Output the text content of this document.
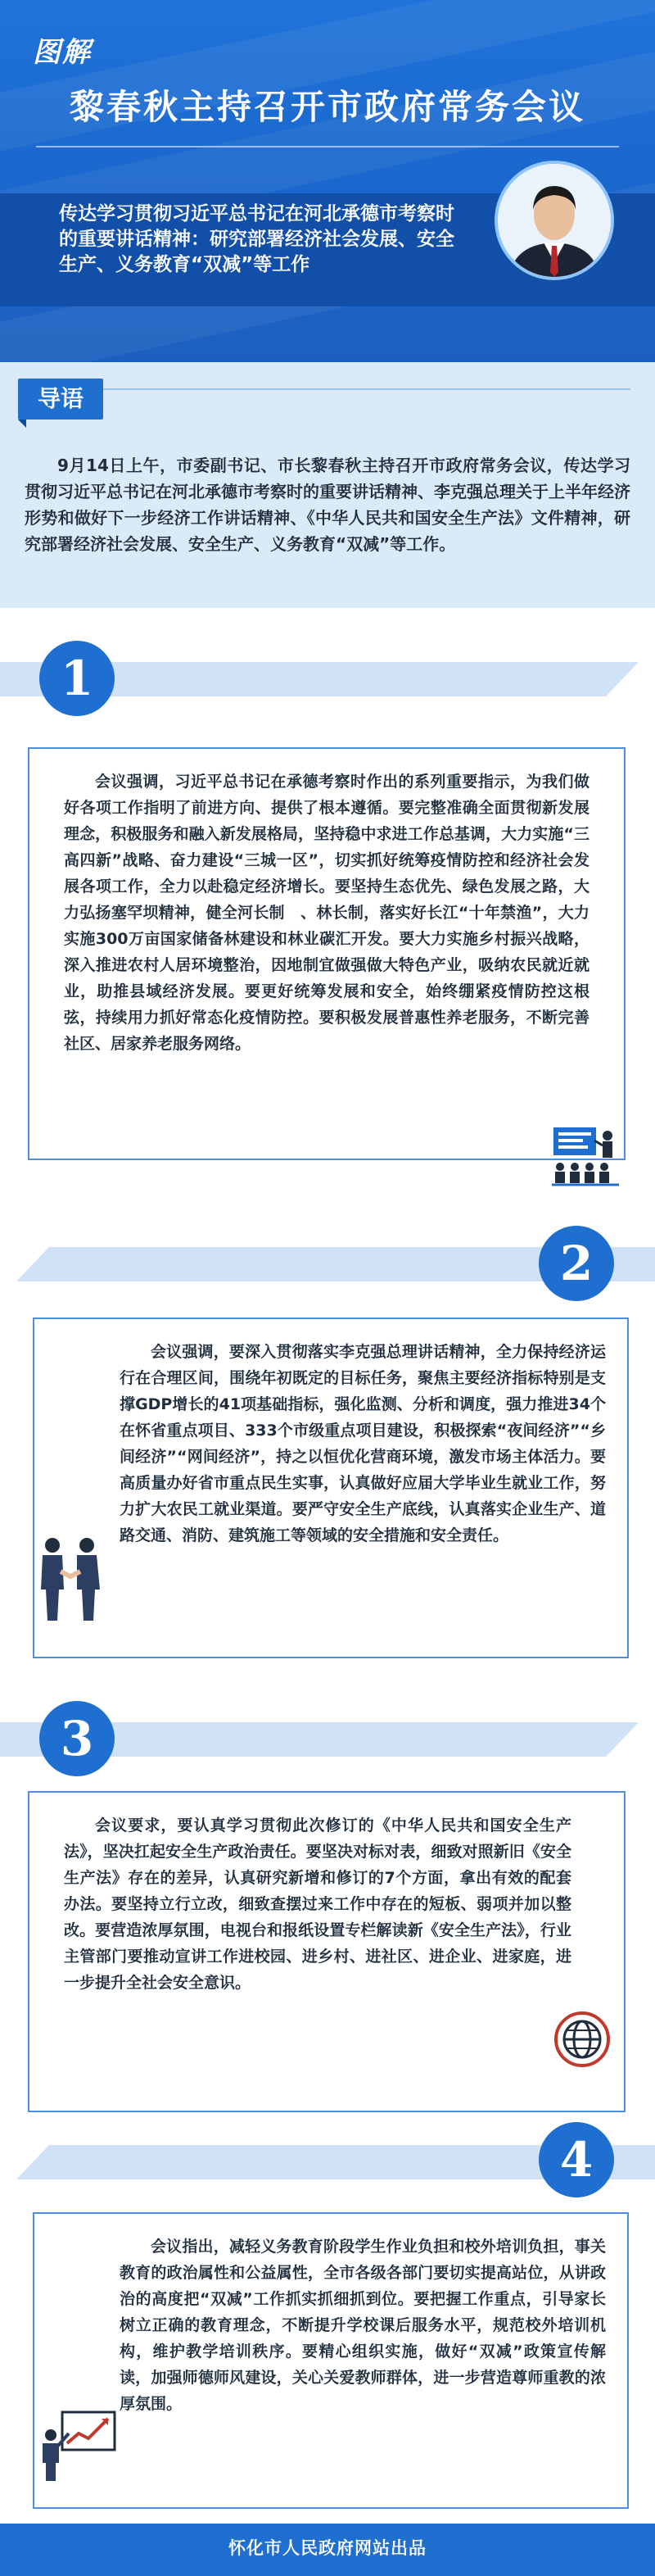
图解
黎春秋主持召开市政府常务会议
传达学习贯彻习近平总书记在河北承德市考察时的重要讲话精神：研究部署经济社会发展、安全生产、义务教育“双减”等工作
导语
9月14日上午，市委副书记、市长黎春秋主持召开市政府常务会议，传达学习贯彻习近平总书记在河北承德市考察时的重要讲话精神、李克强总理关于上半年经济形势和做好下一步经济工作讲话精神、《中华人民共和国安全生产法》文件精神，研究部署经济社会发展、安全生产、义务教育“双减”等工作。
1
会议强调，习近平总书记在承德考察时作出的系列重要指示，为我们做好各项工作指明了前进方向、提供了根本遵循。要完整准确全面贯彻新发展理念，积极服务和融入新发展格局，坚持稳中求进工作总基调，大力实施“三高四新”战略、奋力建设“三城一区”，切实抓好统筹疫情防控和经济社会发展各项工作，全力以赴稳定经济增长。要坚持生态优先、绿色发展之路，大力弘扬塞罕坝精神，健全河长制　、林长制，落实好长江“十年禁渔”，大力实施300万亩国家储备林建设和林业碳汇开发。要大力实施乡村振兴战略，深入推进农村人居环境整治，因地制宜做强做大特色产业，吸纳农民就近就业，助推县域经济发展。要更好统筹发展和安全，始终绷紧疫情防控这根弦，持续用力抓好常态化疫情防控。要积极发展普惠性养老服务，不断完善社区、居家养老服务网络。
2
会议强调，要深入贯彻落实李克强总理讲话精神，全力保持经济运行在合理区间，围绕年初既定的目标任务，聚焦主要经济指标特别是支撑GDP增长的41项基础指标，强化监测、分析和调度，强力推进34个在怀省重点项目、333个市级重点项目建设，积极探索“夜间经济”“乡间经济”“网间经济”，持之以恒优化营商环境，激发市场主体活力。要高质量办好省市重点民生实事，认真做好应届大学毕业生就业工作，努力扩大农民工就业渠道。要严守安全生产底线，认真落实企业生产、道路交通、消防、建筑施工等领域的安全措施和安全责任。
3
会议要求，要认真学习贯彻此次修订的《中华人民共和国安全生产法》，坚决扛起安全生产政治责任。要坚决对标对表，细致对照新旧《安全生产法》存在的差异，认真研究新增和修订的7个方面，拿出有效的配套办法。要坚持立行立改，细致查摆过来工作中存在的短板、弱项并加以整改。要营造浓厚氛围，电视台和报纸设置专栏解读新《安全生产法》，行业主管部门要推动宣讲工作进校园、进乡村、进社区、进企业、进家庭，进一步提升全社会安全意识。
4
会议指出，减轻义务教育阶段学生作业负担和校外培训负担，事关教育的政治属性和公益属性，全市各级各部门要切实提高站位，从讲政治的高度把“双减”工作抓实抓细抓到位。要把握工作重点，引导家长树立正确的教育理念，不断提升学校课后服务水平，规范校外培训机构，维护教学培训秩序。要精心组织实施，做好“双减”政策宣传解读，加强师德师风建设，关心关爱教师群体，进一步营造尊师重教的浓厚氛围。
怀化市人民政府网站出品
